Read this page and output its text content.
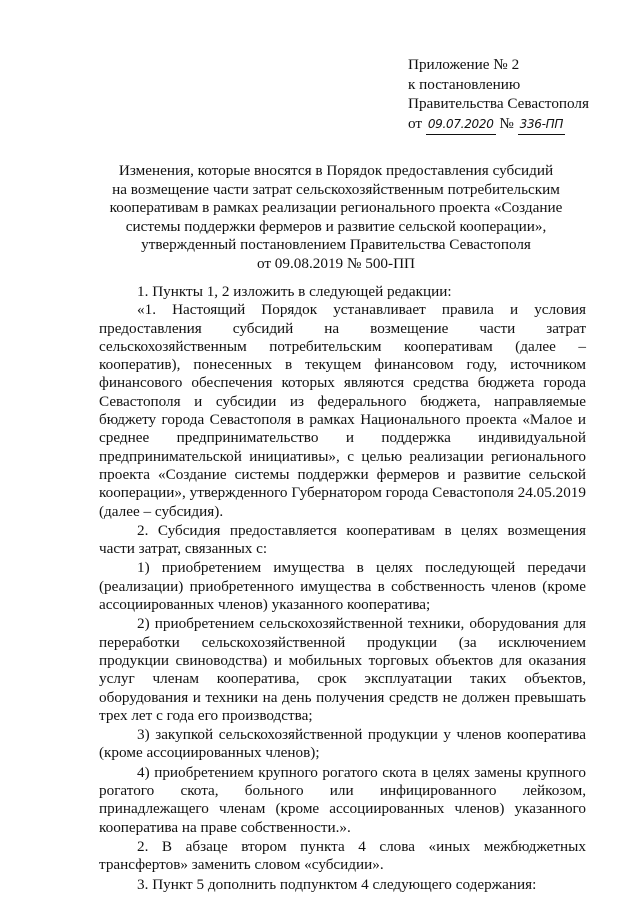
Приложение № 2
к постановлению
Правительства Севастополя
от 09.07.2020 № 336-ПП
Изменения, которые вносятся в Порядок предоставления субсидий
на возмещение части затрат сельскохозяйственным потребительским
кооперативам в рамках реализации регионального проекта «Создание
системы поддержки фермеров и развитие сельской кооперации»,
утвержденный постановлением Правительства Севастополя
от 09.08.2019 № 500-ПП

1. Пункты 1, 2 изложить в следующей редакции:

«1. Настоящий Порядок устанавливает правила и условия предоставления субсидий на возмещение части затрат сельскохозяйственным потребительским кооперативам (далее – кооператив), понесенных в текущем финансовом году, источником финансового обеспечения которых являются средства бюджета города Севастополя и субсидии из федерального бюджета, направляемые бюджету города Севастополя в рамках Национального проекта «Малое и среднее предпринимательство и поддержка индивидуальной предпринимательской инициативы», с целью реализации регионального проекта «Создание системы поддержки фермеров и развитие сельской кооперации», утвержденного Губернатором города Севастополя 24.05.2019 (далее – субсидия).

2. Субсидия предоставляется кооперативам в целях возмещения части затрат, связанных с:

1) приобретением имущества в целях последующей передачи (реализации) приобретенного имущества в собственность членов (кроме ассоциированных членов) указанного кооператива;

2) приобретением сельскохозяйственной техники, оборудования для переработки сельскохозяйственной продукции (за исключением продукции свиноводства) и мобильных торговых объектов для оказания услуг членам кооператива, срок эксплуатации таких объектов, оборудования и техники на день получения средств не должен превышать трех лет с года его производства;

3) закупкой сельскохозяйственной продукции у членов кооператива (кроме ассоциированных членов);

4) приобретением крупного рогатого скота в целях замены крупного рогатого скота, больного или инфицированного лейкозом, принадлежащего членам (кроме ассоциированных членов) указанного кооператива на праве собственности.».

2. В абзаце втором пункта 4 слова «иных межбюджетных трансфертов» заменить словом «субсидии».

3. Пункт 5 дополнить подпунктом 4 следующего содержания:
